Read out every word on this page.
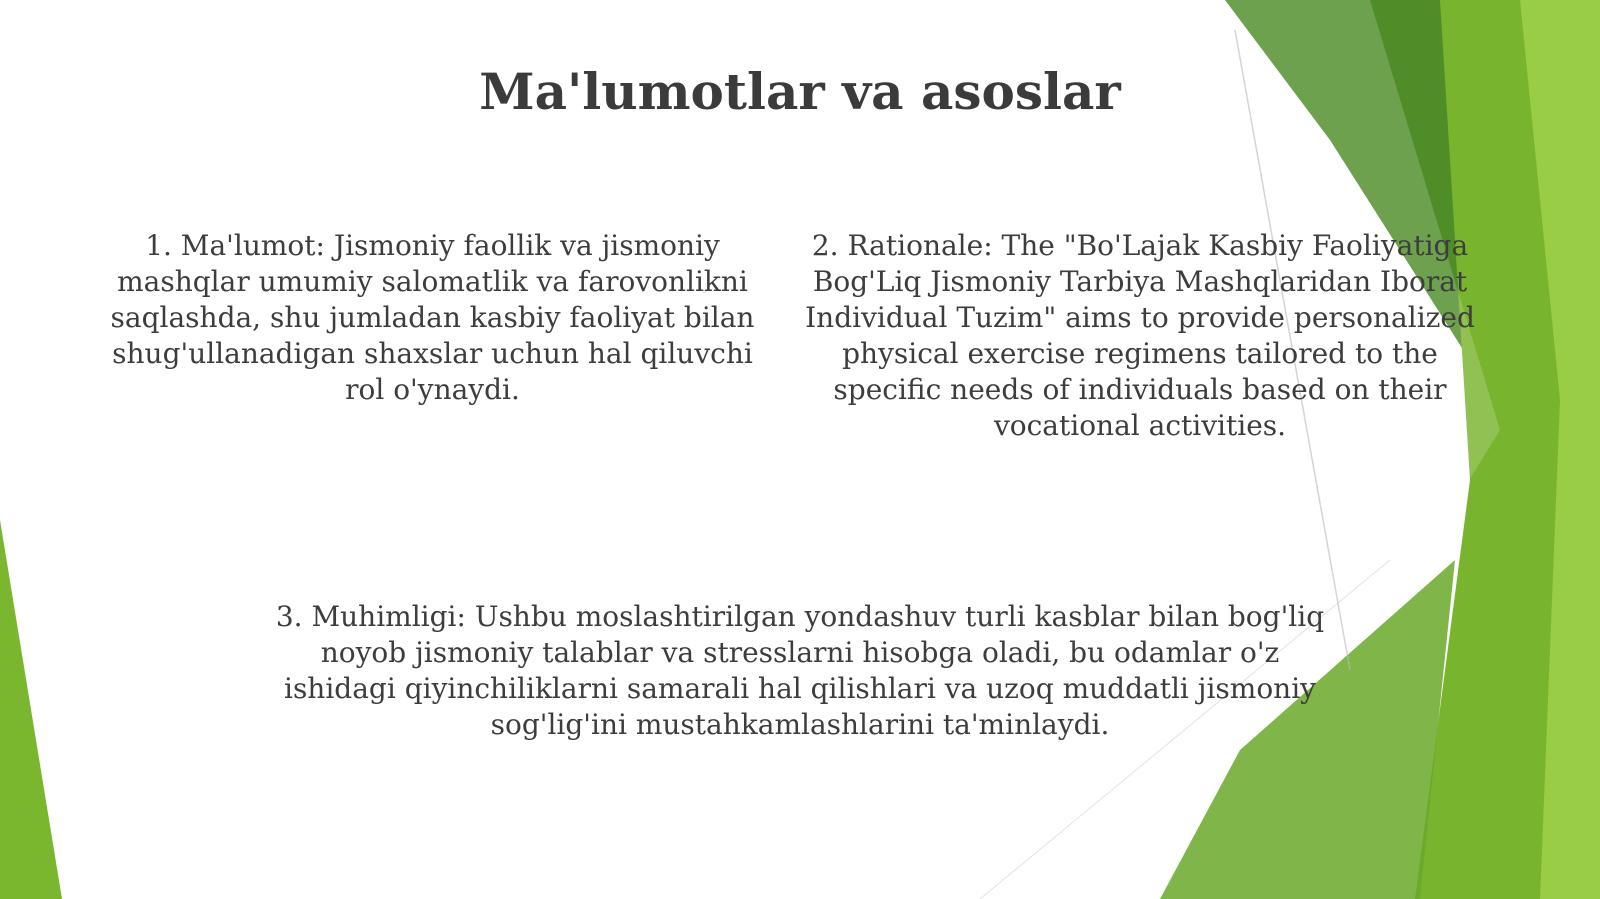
Ma'lumotlar va asoslar
1. Ma'lumot: Jismoniy faollik va jismoniy mashqlar umumiy salomatlik va farovonlikni saqlashda, shu jumladan kasbiy faoliyat bilan shug'ullanadigan shaxslar uchun hal qiluvchi rol o'ynaydi.
2. Rationale: The "Bo'Lajak Kasbiy Faoliyatiga Bog'Liq Jismoniy Tarbiya Mashqlaridan Iborat Individual Tuzim" aims to provide personalized physical exercise regimens tailored to the specific needs of individuals based on their vocational activities.
3. Muhimligi: Ushbu moslashtirilgan yondashuv turli kasblar bilan bog'liq noyob jismoniy talablar va stresslarni hisobga oladi, bu odamlar o'z ishidagi qiyinchiliklarni samarali hal qilishlari va uzoq muddatli jismoniy sog'lig'ini mustahkamlashlarini ta'minlaydi.
